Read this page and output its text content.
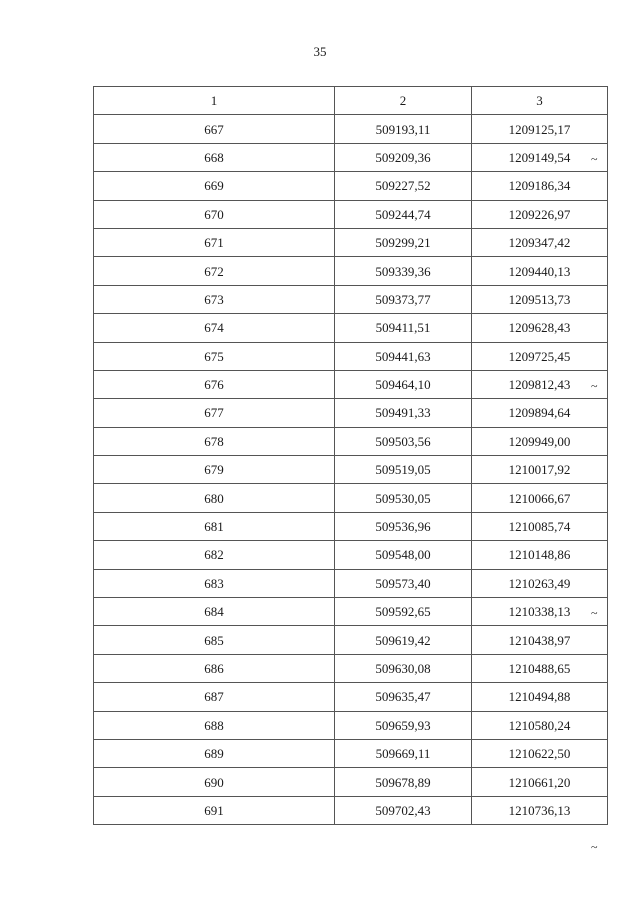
35
1	2	3
667	509193,11	1209125,17
668	509209,36	1209149,54
669	509227,52	1209186,34
670	509244,74	1209226,97
671	509299,21	1209347,42
672	509339,36	1209440,13
673	509373,77	1209513,73
674	509411,51	1209628,43
675	509441,63	1209725,45
676	509464,10	1209812,43
677	509491,33	1209894,64
678	509503,56	1209949,00
679	509519,05	1210017,92
680	509530,05	1210066,67
681	509536,96	1210085,74
682	509548,00	1210148,86
683	509573,40	1210263,49
684	509592,65	1210338,13
685	509619,42	1210438,97
686	509630,08	1210488,65
687	509635,47	1210494,88
688	509659,93	1210580,24
689	509669,11	1210622,50
690	509678,89	1210661,20
691	509702,43	1210736,13
~
~
~
~
